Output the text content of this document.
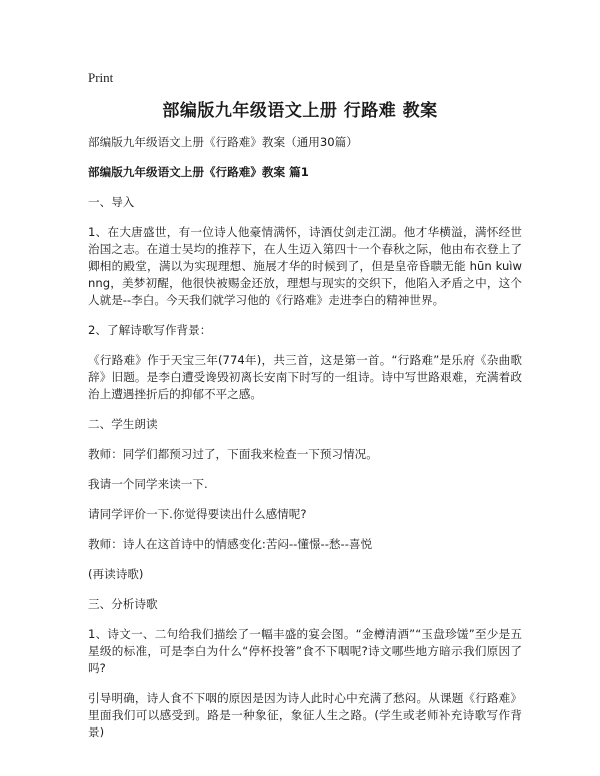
Print
部编版九年级语文上册 行路难 教案

部编版九年级语文上册《行路难》教案（通用30篇）

部编版九年级语文上册《行路难》教案 篇1

一、导入

1、在大唐盛世，有一位诗人他豪情满怀，诗酒仗剑走江湖。他才华横溢，满怀经世治国之志。在道士吴均的推荐下，在人生迈入第四十一个春秋之际，他由布衣登上了卿相的殿堂，满以为实现理想、施展才华的时候到了，但是皇帝昏聩无能 hūn kuìwnng，美梦初醒，他很快被赐金还放，理想与现实的交织下，他陷入矛盾之中，这个人就是--李白。今天我们就学习他的《行路难》走进李白的精神世界。

2、了解诗歌写作背景：

《行路难》作于天宝三年(774年)，共三首，这是第一首。“行路难”是乐府《杂曲歌辞》旧题。是李白遭受谗毁初离长安南下时写的一组诗。诗中写世路艰难，充满着政治上遭遇挫折后的抑郁不平之感。

二、学生朗读

教师：同学们都预习过了，下面我来检查一下预习情况。

我请一个同学来读一下.

请同学评价一下.你觉得要读出什么感情呢?

教师：诗人在这首诗中的情感变化:苦闷--懂憬--愁--喜悦

(再读诗歌)

三、分析诗歌

1、诗文一、二句给我们描绘了一幅丰盛的宴会图。“金樽清酒”“玉盘珍馐”至少是五星级的标准，可是李白为什么“停杯投箸”食不下咽呢?诗文哪些地方暗示我们原因了吗?

引导明确，诗人食不下咽的原因是因为诗人此时心中充满了愁闷。从课题《行路难》里面我们可以感受到。路是一种象征，象征人生之路。(学生或老师补充诗歌写作背景)
